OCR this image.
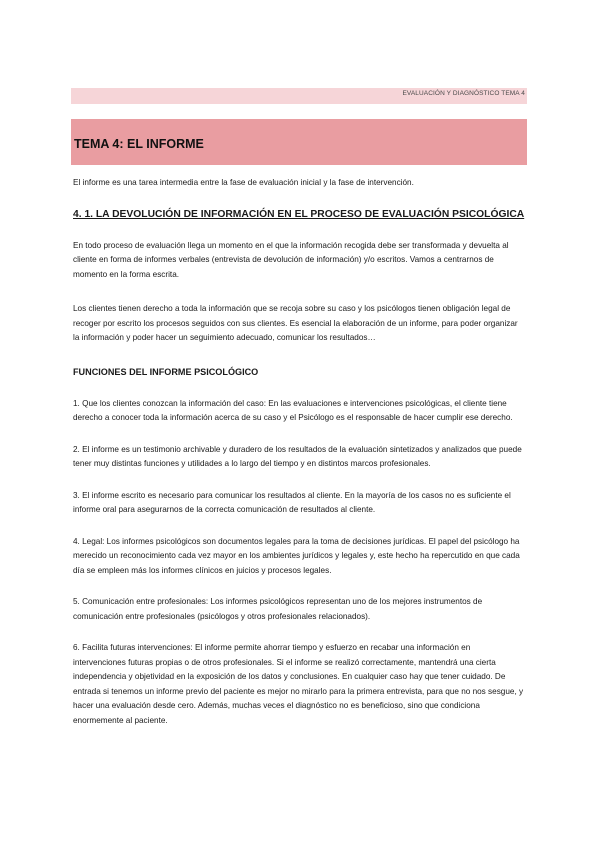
EVALUACIÓN Y DIAGNÓSTICO TEMA 4
TEMA 4: EL INFORME

El informe es una tarea intermedia entre la fase de evaluación inicial y la fase de intervención.

4. 1. LA DEVOLUCIÓN DE INFORMACIÓN EN EL PROCESO DE EVALUACIÓN PSICOLÓGICA

En todo proceso de evaluación llega un momento en el que la información recogida debe ser transformada y devuelta al cliente en forma de informes verbales (entrevista de devolución de información) y/o escritos. Vamos a centrarnos de momento en la forma escrita.

Los clientes tienen derecho a toda la información que se recoja sobre su caso y los psicólogos tienen obligación legal de recoger por escrito los procesos seguidos con sus clientes. Es esencial la elaboración de un informe, para poder organizar la información y poder hacer un seguimiento adecuado, comunicar los resultados…

FUNCIONES DEL INFORME PSICOLÓGICO

1. Que los clientes conozcan la información del caso: En las evaluaciones e intervenciones psicológicas, el cliente tiene derecho a conocer toda la información acerca de su caso y el Psicólogo es el responsable de hacer cumplir ese derecho.

2. El informe es un testimonio archivable y duradero de los resultados de la evaluación sintetizados y analizados que puede tener muy distintas funciones y utilidades a lo largo del tiempo y en distintos marcos profesionales.

3. El informe escrito es necesario para comunicar los resultados al cliente. En la mayoría de los casos no es suficiente el informe oral para asegurarnos de la correcta comunicación de resultados al cliente.

4. Legal: Los informes psicológicos son documentos legales para la toma de decisiones jurídicas. El papel del psicólogo ha merecido un reconocimiento cada vez mayor en los ambientes jurídicos y legales y, este hecho ha repercutido en que cada día se empleen más los informes clínicos en juicios y procesos legales.

5. Comunicación entre profesionales: Los informes psicológicos representan uno de los mejores instrumentos de comunicación entre profesionales (psicólogos y otros profesionales relacionados).

6. Facilita futuras intervenciones: El informe permite ahorrar tiempo y esfuerzo en recabar una información en intervenciones futuras propias o de otros profesionales. Si el informe se realizó correctamente, mantendrá una cierta independencia y objetividad en la exposición de los datos y conclusiones. En cualquier caso hay que tener cuidado. De entrada si tenemos un informe previo del paciente es mejor no mirarlo para la primera entrevista, para que no nos sesgue, y hacer una evaluación desde cero. Además, muchas veces el diagnóstico no es beneficioso, sino que condiciona enormemente al paciente.
